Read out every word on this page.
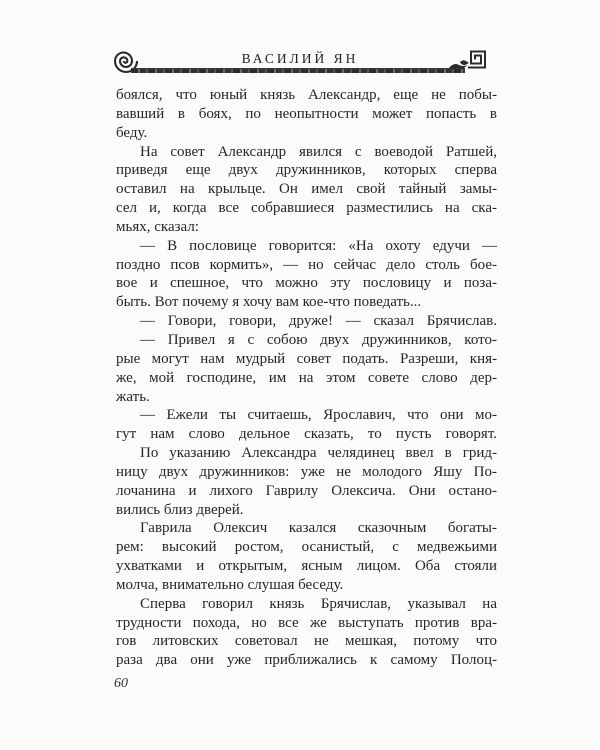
ВАСИЛИЙ ЯН
боялся, что юный князь Александр, еще не побы-
вавший в боях, по неопытности может попасть в
беду.
На совет Александр явился с воеводой Ратшей,
приведя еще двух дружинников, которых сперва
оставил на крыльце. Он имел свой тайный замы-
сел и, когда все собравшиеся разместились на ска-
мьях, сказал:
— В пословице говорится: «На охоту едучи —
поздно псов кормить», — но сейчас дело столь бое-
вое и спешное, что можно эту пословицу и поза-
быть. Вот почему я хочу вам кое-что поведать...
— Говори, говори, друже! — сказал Брячислав.
— Привел я с собою двух дружинников, кото-
рые могут нам мудрый совет подать. Разреши, кня-
же, мой господине, им на этом совете слово дер-
жать.
— Ежели ты считаешь, Ярославич, что они мо-
гут нам слово дельное сказать, то пусть говорят.
По указанию Александра челядинец ввел в грид-
ницу двух дружинников: уже не молодого Яшу По-
лочанина и лихого Гаврилу Олексича. Они остано-
вились близ дверей.
Гаврила Олексич казался сказочным богаты-
рем: высокий ростом, осанистый, с медвежьими
ухватками и открытым, ясным лицом. Оба стояли
молча, внимательно слушая беседу.
Сперва говорил князь Брячислав, указывал на
трудности похода, но все же выступать против вра-
гов литовских советовал не мешкая, потому что
раза два они уже приближались к самому Полоц-
60
